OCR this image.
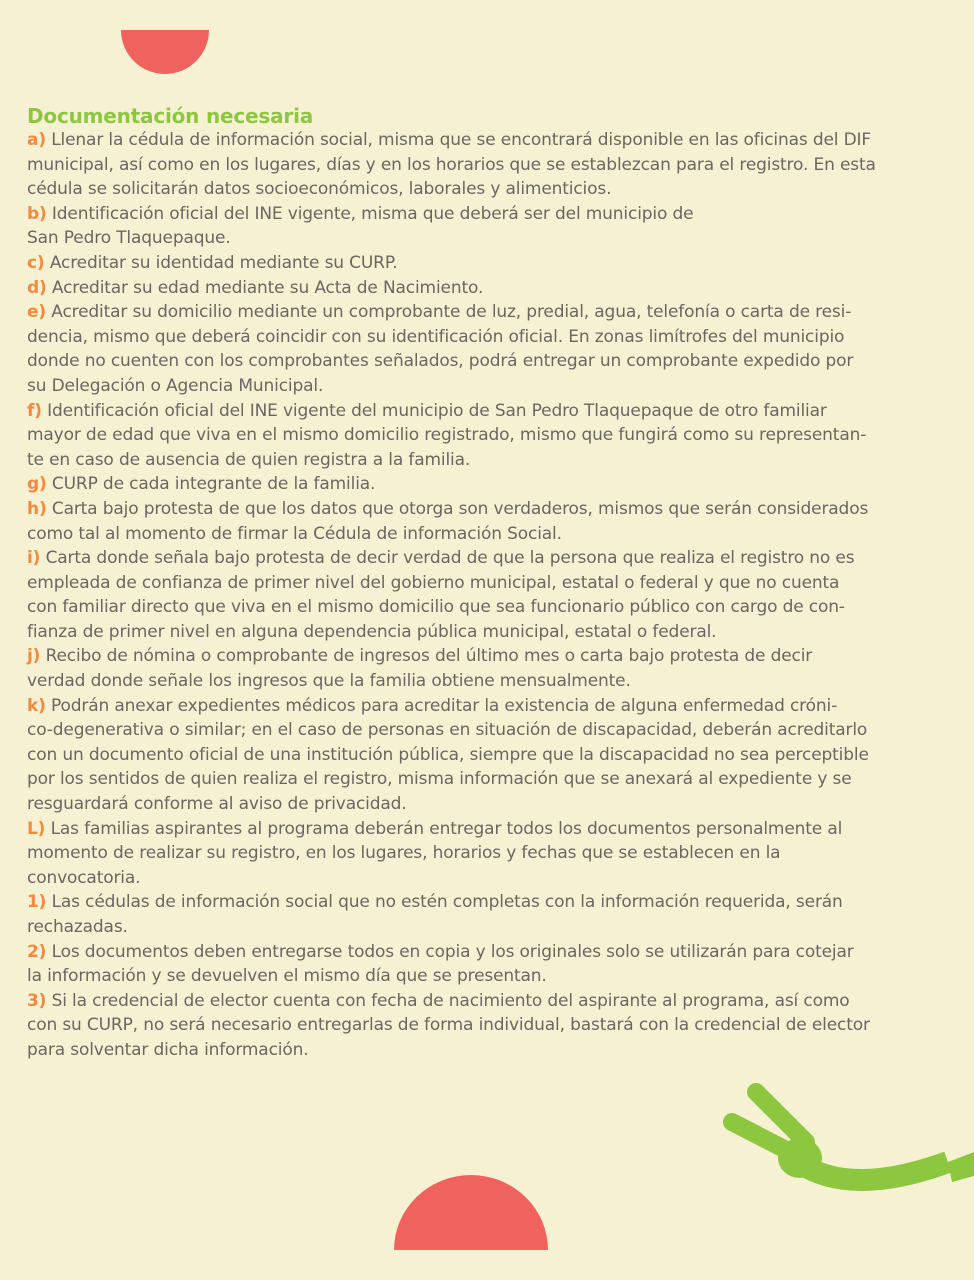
Documentación necesaria
a) Llenar la cédula de información social, misma que se encontrará disponible en las oficinas del DIF
municipal, así como en los lugares, días y en los horarios que se establezcan para el registro. En esta
cédula se solicitarán datos socioeconómicos, laborales y alimenticios.
b) Identificación oficial del INE vigente, misma que deberá ser del municipio de
San Pedro Tlaquepaque.
c) Acreditar su identidad mediante su CURP.
d) Acreditar su edad mediante su Acta de Nacimiento.
e) Acreditar su domicilio mediante un comprobante de luz, predial, agua, telefonía o carta de resi-
dencia, mismo que deberá coincidir con su identificación oficial. En zonas limítrofes del municipio
donde no cuenten con los comprobantes señalados, podrá entregar un comprobante expedido por
su Delegación o Agencia Municipal.
f) Identificación oficial del INE vigente del municipio de San Pedro Tlaquepaque de otro familiar
mayor de edad que viva en el mismo domicilio registrado, mismo que fungirá como su representan-
te en caso de ausencia de quien registra a la familia.
g) CURP de cada integrante de la familia.
h) Carta bajo protesta de que los datos que otorga son verdaderos, mismos que serán considerados
como tal al momento de firmar la Cédula de información Social.
i) Carta donde señala bajo protesta de decir verdad de que la persona que realiza el registro no es
empleada de confianza de primer nivel del gobierno municipal, estatal o federal y que no cuenta
con familiar directo que viva en el mismo domicilio que sea funcionario público con cargo de con-
fianza de primer nivel en alguna dependencia pública municipal, estatal o federal.
j) Recibo de nómina o comprobante de ingresos del último mes o carta bajo protesta de decir
verdad donde señale los ingresos que la familia obtiene mensualmente.
k) Podrán anexar expedientes médicos para acreditar la existencia de alguna enfermedad cróni-
co-degenerativa o similar; en el caso de personas en situación de discapacidad, deberán acreditarlo
con un documento oficial de una institución pública, siempre que la discapacidad no sea perceptible
por los sentidos de quien realiza el registro, misma información que se anexará al expediente y se
resguardará conforme al aviso de privacidad.
L) Las familias aspirantes al programa deberán entregar todos los documentos personalmente al
momento de realizar su registro, en los lugares, horarios y fechas que se establecen en la
convocatoria.
1) Las cédulas de información social que no estén completas con la información requerida, serán
rechazadas.
2) Los documentos deben entregarse todos en copia y los originales solo se utilizarán para cotejar
la información y se devuelven el mismo día que se presentan.
3) Si la credencial de elector cuenta con fecha de nacimiento del aspirante al programa, así como
con su CURP, no será necesario entregarlas de forma individual, bastará con la credencial de elector
para solventar dicha información.
